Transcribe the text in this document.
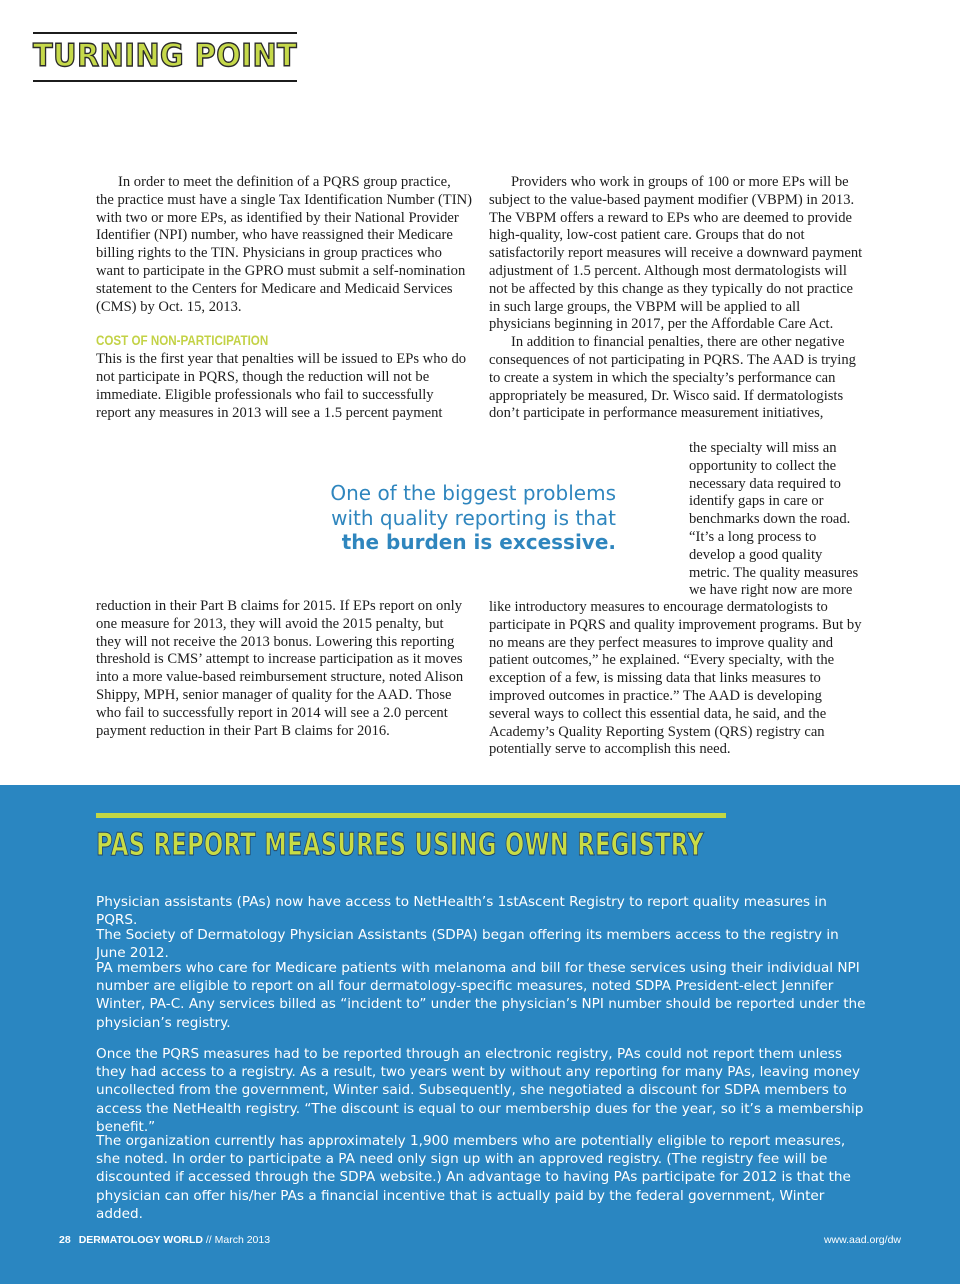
TURNING POINT

In order to meet the definition of a PQRS group practice, the practice must have a single Tax Identification Number (TIN) with two or more EPs, as identified by their National Provider Identifier (NPI) number, who have reassigned their Medicare billing rights to the TIN. Physicians in group practices who want to participate in the GPRO must submit a self-nomination statement to the Centers for Medicare and Medicaid Services (CMS) by Oct. 15, 2013.

COST OF NON-PARTICIPATION

This is the first year that penalties will be issued to EPs who do not participate in PQRS, though the reduction will not be immediate. Eligible professionals who fail to successfully report any measures in 2013 will see a 1.5 percent payment

One of the biggest problems
with quality reporting is that
the burden is excessive.

reduction in their Part B claims for 2015. If EPs report on only one measure for 2013, they will avoid the 2015 penalty, but they will not receive the 2013 bonus. Lowering this reporting threshold is CMS’ attempt to increase participation as it moves into a more value-based reimbursement structure, noted Alison Shippy, MPH, senior manager of quality for the AAD. Those who fail to successfully report in 2014 will see a 2.0 percent payment reduction in their Part B claims for 2016.

Providers who work in groups of 100 or more EPs will be subject to the value-based payment modifier (VBPM) in 2013. The VBPM offers a reward to EPs who are deemed to provide high-quality, low-cost patient care. Groups that do not satisfactorily report measures will receive a downward payment adjustment of 1.5 percent. Although most dermatologists will not be affected by this change as they typically do not practice in such large groups, the VBPM will be applied to all physicians beginning in 2017, per the Affordable Care Act.

In addition to financial penalties, there are other negative consequences of not participating in PQRS. The AAD is trying to create a system in which the specialty’s performance can appropriately be measured, Dr. Wisco said. If dermatologists don’t participate in performance measurement initiatives,

the specialty will miss an opportunity to collect the necessary data required to identify gaps in care or benchmarks down the road. “It’s a long process to develop a good quality metric. The quality measures we have right now are more

like introductory measures to encourage dermatologists to participate in PQRS and quality improvement programs. But by no means are they perfect measures to improve quality and patient outcomes,” he explained. “Every specialty, with the exception of a few, is missing data that links measures to improved outcomes in practice.” The AAD is developing several ways to collect this essential data, he said, and the Academy’s Quality Reporting System (QRS) registry can potentially serve to accomplish this need.

PAS REPORT MEASURES USING OWN REGISTRY

Physician assistants (PAs) now have access to NetHealth’s 1stAscent Registry to report quality measures in PQRS.

The Society of Dermatology Physician Assistants (SDPA) began offering its members access to the registry in June 2012.

PA members who care for Medicare patients with melanoma and bill for these services using their individual NPI number are eligible to report on all four dermatology-specific measures, noted SDPA President-elect Jennifer Winter, PA-C. Any services billed as “incident to” under the physician’s NPI number should be reported under the physician’s registry.

Once the PQRS measures had to be reported through an electronic registry, PAs could not report them unless they had access to a registry. As a result, two years went by without any reporting for many PAs, leaving money uncollected from the government, Winter said. Subsequently, she negotiated a discount for SDPA members to access the NetHealth registry. “The discount is equal to our membership dues for the year, so it’s a membership benefit.”

The organization currently has approximately 1,900 members who are potentially eligible to report measures, she noted. In order to participate a PA need only sign up with an approved registry. (The registry fee will be discounted if accessed through the SDPA website.) An advantage to having PAs participate for 2012 is that the physician can offer his/her PAs a financial incentive that is actually paid by the federal government, Winter added.

28 DERMATOLOGY WORLD // March 2013	www.aad.org/dw
